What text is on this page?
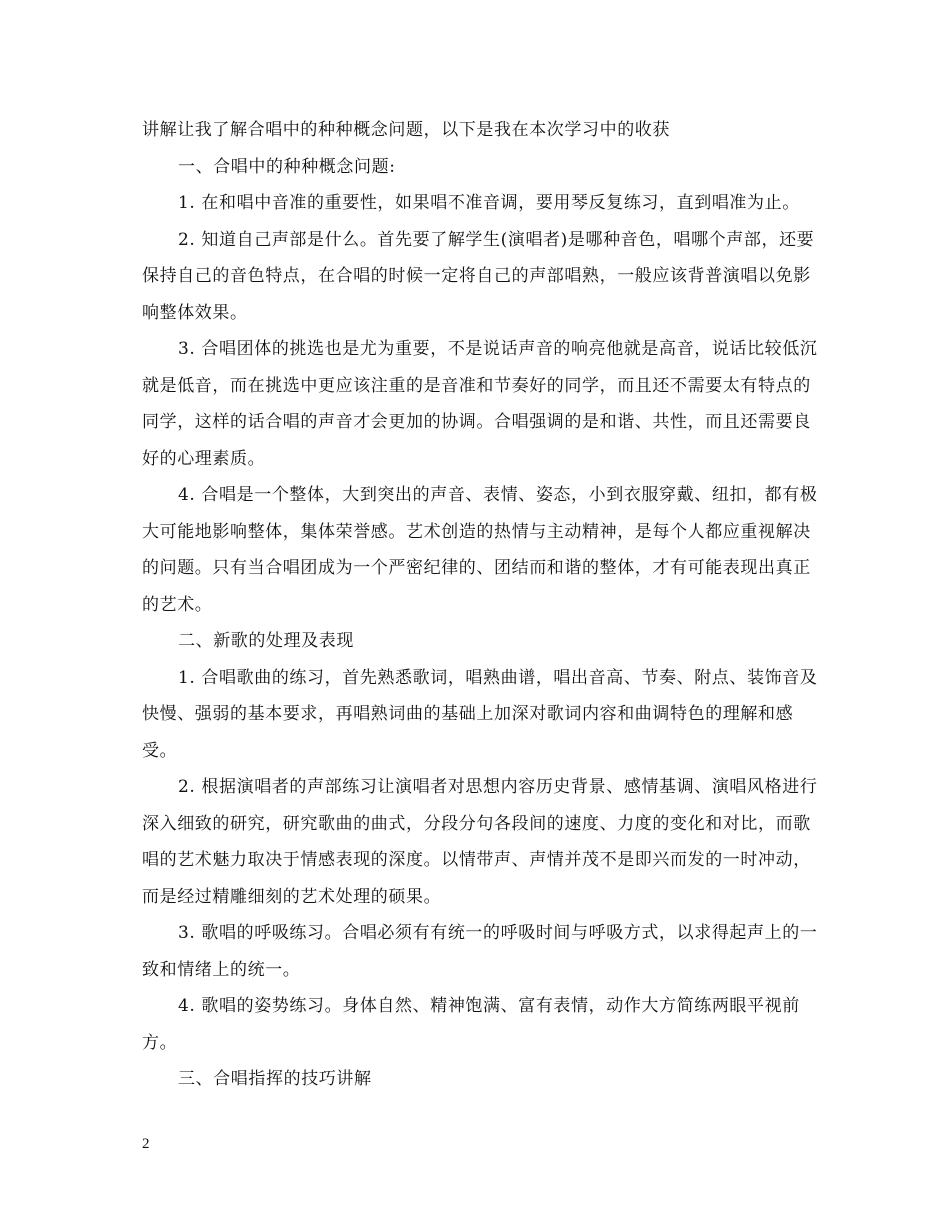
讲解让我了解合唱中的种种概念问题，以下是我在本次学习中的收获

一、合唱中的种种概念问题:

1. 在和唱中音准的重要性，如果唱不准音调，要用琴反复练习，直到唱准为止。

2. 知道自己声部是什么。首先要了解学生(演唱者)是哪种音色，唱哪个声部，还要保持自己的音色特点，在合唱的时候一定将自己的声部唱熟，一般应该背普演唱以免影响整体效果。

3. 合唱团体的挑选也是尤为重要，不是说话声音的响亮他就是高音，说话比较低沉就是低音，而在挑选中更应该注重的是音准和节奏好的同学，而且还不需要太有特点的同学，这样的话合唱的声音才会更加的协调。合唱强调的是和谐、共性，而且还需要良好的心理素质。

4. 合唱是一个整体，大到突出的声音、表情、姿态，小到衣服穿戴、纽扣，都有极大可能地影响整体，集体荣誉感。艺术创造的热情与主动精神，是每个人都应重视解决的问题。只有当合唱团成为一个严密纪律的、团结而和谐的整体，才有可能表现出真正的艺术。

二、新歌的处理及表现

1. 合唱歌曲的练习，首先熟悉歌词，唱熟曲谱，唱出音高、节奏、附点、装饰音及快慢、强弱的基本要求，再唱熟词曲的基础上加深对歌词内容和曲调特色的理解和感受。

2. 根据演唱者的声部练习让演唱者对思想内容历史背景、感情基调、演唱风格进行深入细致的研究，研究歌曲的曲式，分段分句各段间的速度、力度的变化和对比，而歌唱的艺术魅力取决于情感表现的深度。以情带声、声情并茂不是即兴而发的一时冲动，而是经过精雕细刻的艺术处理的硕果。

3. 歌唱的呼吸练习。合唱必须有有统一的呼吸时间与呼吸方式，以求得起声上的一致和情绪上的统一。

4. 歌唱的姿势练习。身体自然、精神饱满、富有表情，动作大方简练两眼平视前方。

三、合唱指挥的技巧讲解

2
